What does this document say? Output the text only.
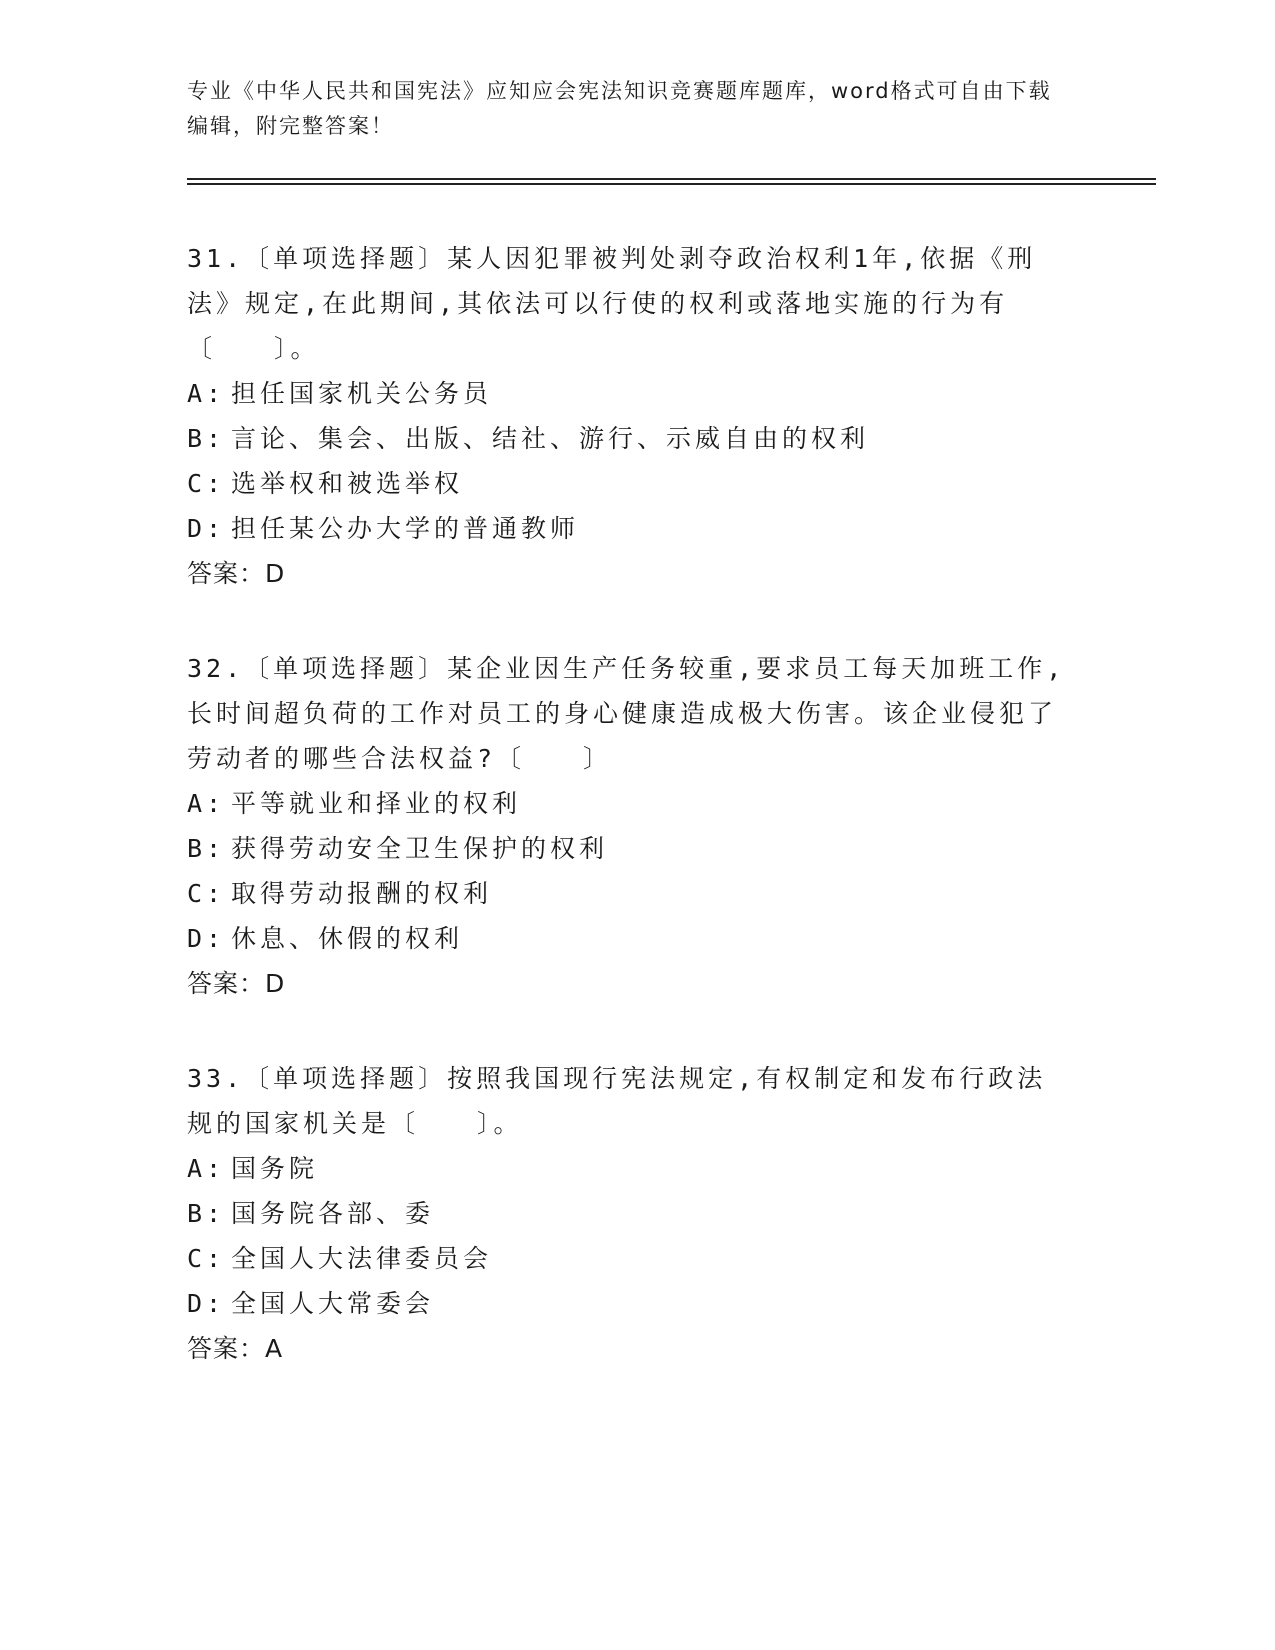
专业《中华人民共和国宪法》应知应会宪法知识竞赛题库题库，word格式可自由下载编辑，附完整答案！

31.〔单项选择题〕某人因犯罪被判处剥夺政治权利1年,依据《刑法》规定,在此期间,其依法可以行使的权利或落地实施的行为有〔　　〕。

A: 担任国家机关公务员
B: 言论、集会、出版、结社、游行、示威自由的权利
C: 选举权和被选举权
D: 担任某公办大学的普通教师
答案：D

32.〔单项选择题〕某企业因生产任务较重,要求员工每天加班工作,长时间超负荷的工作对员工的身心健康造成极大伤害。该企业侵犯了劳动者的哪些合法权益?〔　　〕

A: 平等就业和择业的权利
B: 获得劳动安全卫生保护的权利
C: 取得劳动报酬的权利
D: 休息、休假的权利
答案：D

33.〔单项选择题〕按照我国现行宪法规定,有权制定和发布行政法规的国家机关是〔　　〕。

A: 国务院
B: 国务院各部、委
C: 全国人大法律委员会
D: 全国人大常委会
答案：A
